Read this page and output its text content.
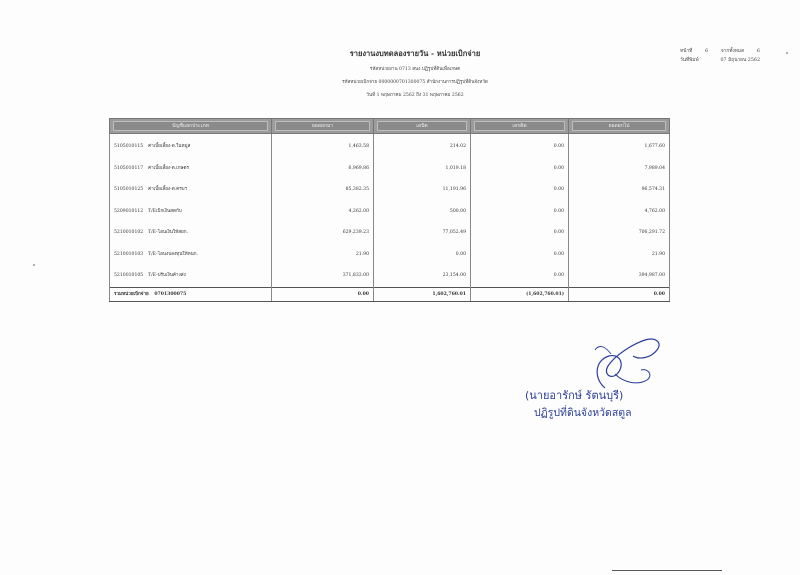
รายงานงบทดลองรายวัน - หน่วยเบิกจ่าย
รหัสหน่วยงาน 0713 สนง.ปฏิรูปที่ดินเพื่อเกษต
รหัสหน่วยเบิกจ่าย 0000000701300075 สำนักงานการปฏิรูปที่ดินจังหวัด
วันที่ 1 พฤษภาคม 2562 ถึง 31 พฤษภาคม 2562
หน้าที่	6	จากทั้งหมด	6
วันที่พิมพ์	07 มิถุนายน 2562
บัญชีแยกประเภท	ยอดยกมา	เดบิต	เครดิต	ยอดยกไป

5105010115 ค่าเบี้ยเลี้ยง-ต.ในหมู่ส	1,463.58	214.02	0.00	1,677.60
5105010117 ค่าเบี้ยเลี้ยง-ต.เกษตร	6,969.86	1,019.18	0.00	7,989.04
5105010125 ค่าเบี้ยเลี้ยง-ต.ครบฯ	85,382.35	11,191.96	0.00	96,574.31
5209010112 T/Eเบิกเงินสดกับ	4,262.00	500.00	0.00	4,762.00
5210010102 T/E-โอนเงินให้สยก.	629,239.23	77,052.49	0.00	706,291.72
5210010103 T/E-โอนงบลงทุนให้หนก.	21.90	0.00	0.00	21.90
5210010105 T/E-ปรับเงินค้างส่ง	371,833.00	23,154.00	0.00	394,987.00
รวมหน่วยเบิกจ่าย 0701300075	0.00	1,602,760.01	(1,602,760.01)	0.00
(นายอารักษ์ รัตนบุรี)
ปฏิรูปที่ดินจังหวัดสตูล
